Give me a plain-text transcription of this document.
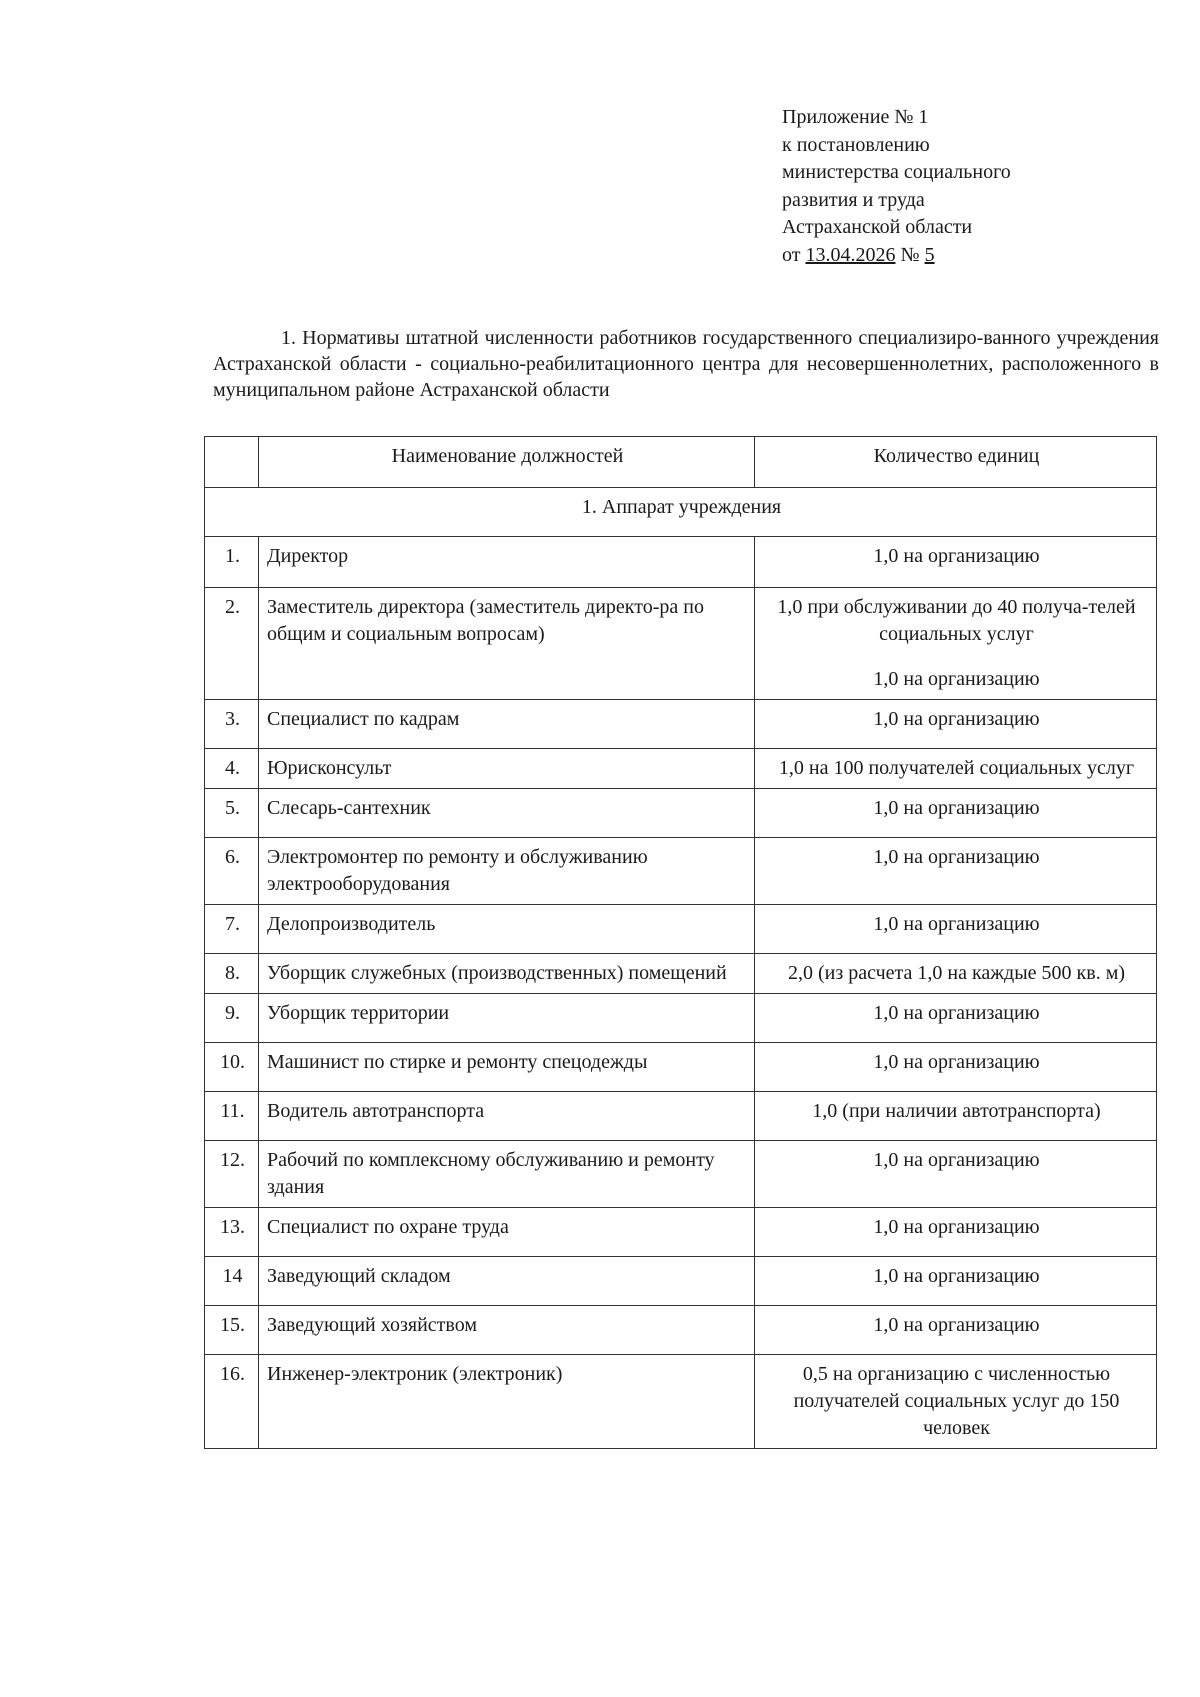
Приложение № 1
к постановлению
министерства социального
развития и труда
Астраханской области
от 13.04.2026 № 5
1. Нормативы штатной численности работников государственного специализиро-ванного учреждения Астраханской области - социально-реабилитационного центра для несовершеннолетних, расположенного в муниципальном районе Астраханской области
	Наименование должностей	Количество единиц
1. Аппарат учреждения		
1.	Директор	1,0 на организацию
2.	Заместитель директора (заместитель директо-ра по общим и социальным вопросам)	1,0 при обслуживании до 40 получа-телей социальных услуг
1,0 на организацию

3.	Специалист по кадрам	1,0 на организацию
4.	Юрисконсульт	1,0 на 100 получателей социальных услуг
5.	Слесарь-сантехник	1,0 на организацию
6.	Электромонтер по ремонту и обслуживанию электрооборудования	1,0 на организацию
7.	Делопроизводитель	1,0 на организацию
8.	Уборщик служебных (производственных) помещений	2,0 (из расчета 1,0 на каждые 500 кв. м)
9.	Уборщик территории	1,0 на организацию
10.	Машинист по стирке и ремонту спецодежды	1,0 на организацию
11.	Водитель автотранспорта	1,0 (при наличии автотранспорта)
12.	Рабочий по комплексному обслуживанию и ремонту здания	1,0 на организацию
13.	Специалист по охране труда	1,0 на организацию
14	Заведующий складом	1,0 на организацию
15.	Заведующий хозяйством	1,0 на организацию
16.	Инженер-электроник (электроник)	0,5 на организацию с численностью получателей социальных услуг до 150 человек
